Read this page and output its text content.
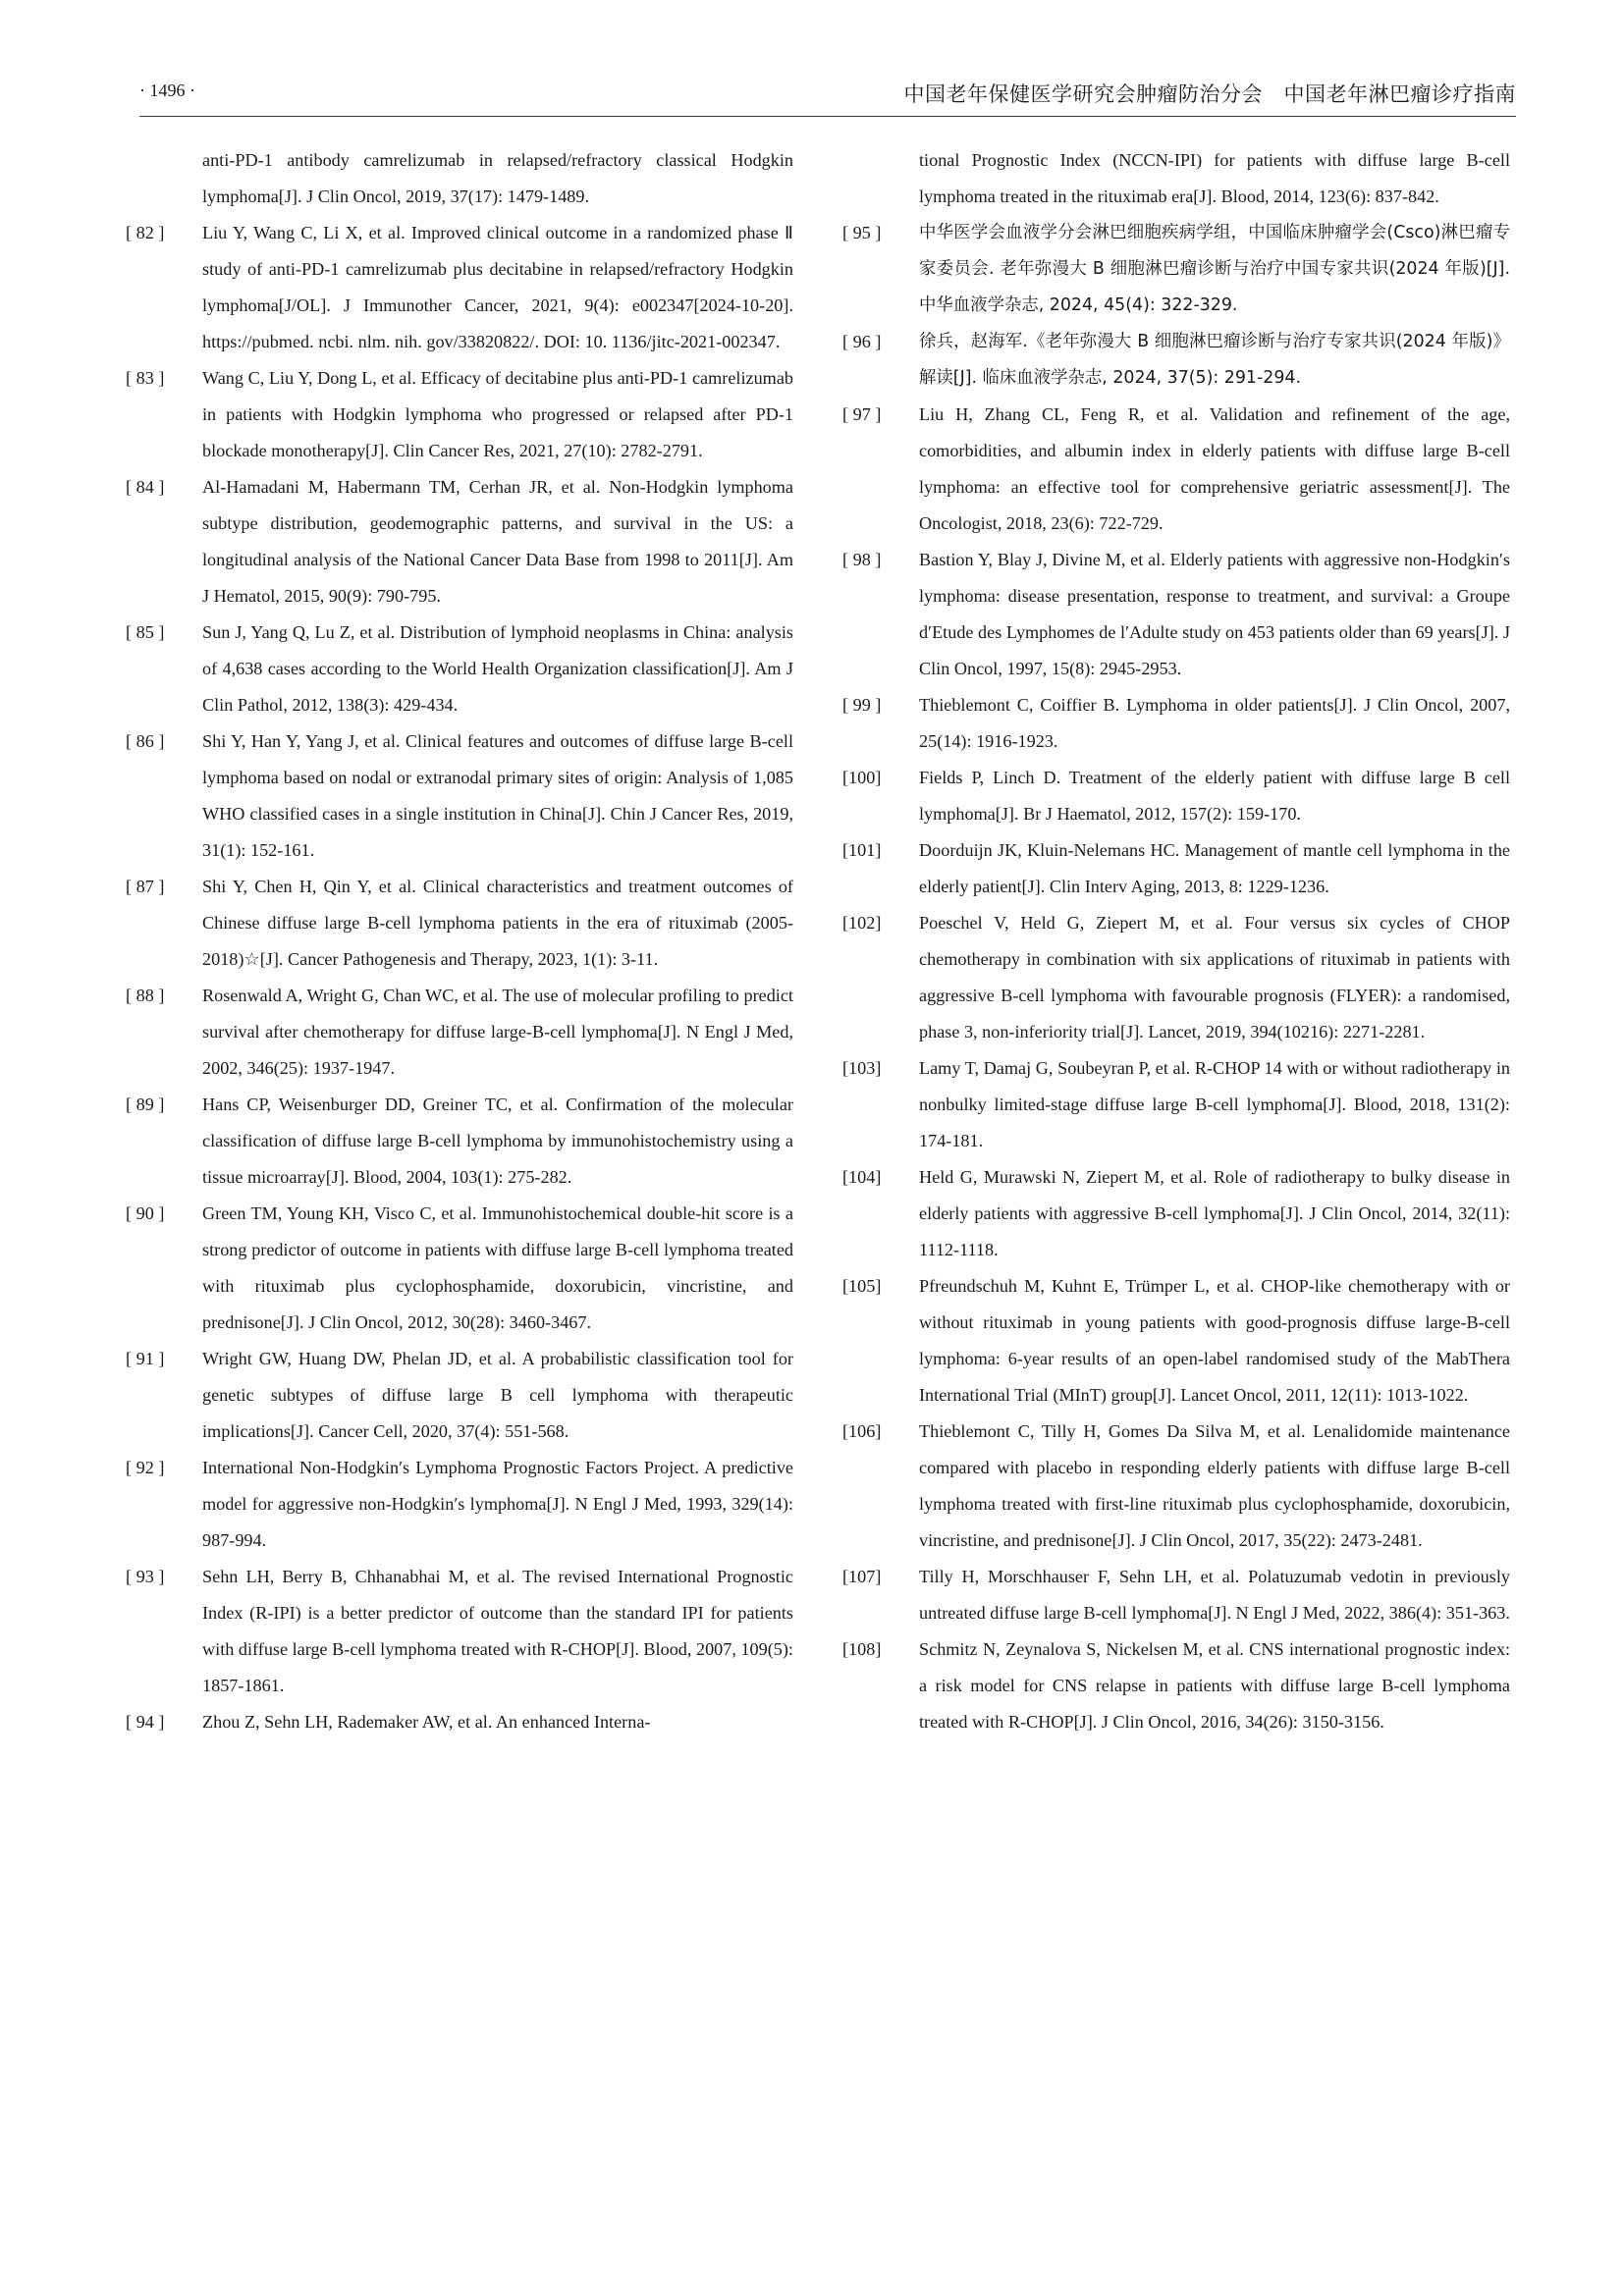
· 1496 ·	中国老年保健医学研究会肿瘤防治分会　中国老年淋巴瘤诊疗指南
anti-PD-1 antibody camrelizumab in relapsed/refractory classical Hodgkin lymphoma[J]. J Clin Oncol, 2019, 37(17): 1479-1489.
[ 82 ]	Liu Y, Wang C, Li X, et al. Improved clinical outcome in a randomized phase Ⅱ study of anti-PD-1 camrelizumab plus decitabine in relapsed/refractory Hodgkin lymphoma[J/OL]. J Immunother Cancer, 2021, 9(4): e002347[2024-10-20]. https://pubmed. ncbi. nlm. nih. gov/33820822/. DOI: 10. 1136/jitc-2021-002347.
[ 83 ]	Wang C, Liu Y, Dong L, et al. Efficacy of decitabine plus anti-PD-1 camrelizumab in patients with Hodgkin lymphoma who progressed or relapsed after PD-1 blockade monotherapy[J]. Clin Cancer Res, 2021, 27(10): 2782-2791.
[ 84 ]	Al-Hamadani M, Habermann TM, Cerhan JR, et al. Non-Hodgkin lymphoma subtype distribution, geodemographic patterns, and survival in the US: a longitudinal analysis of the National Cancer Data Base from 1998 to 2011[J]. Am J Hematol, 2015, 90(9): 790-795.
[ 85 ]	Sun J, Yang Q, Lu Z, et al. Distribution of lymphoid neoplasms in China: analysis of 4,638 cases according to the World Health Organization classification[J]. Am J Clin Pathol, 2012, 138(3): 429-434.
[ 86 ]	Shi Y, Han Y, Yang J, et al. Clinical features and outcomes of diffuse large B-cell lymphoma based on nodal or extranodal primary sites of origin: Analysis of 1,085 WHO classified cases in a single institution in China[J]. Chin J Cancer Res, 2019, 31(1): 152-161.
[ 87 ]	Shi Y, Chen H, Qin Y, et al. Clinical characteristics and treatment outcomes of Chinese diffuse large B-cell lymphoma patients in the era of rituximab (2005-2018)☆[J]. Cancer Pathogenesis and Therapy, 2023, 1(1): 3-11.
[ 88 ]	Rosenwald A, Wright G, Chan WC, et al. The use of molecular profiling to predict survival after chemotherapy for diffuse large-B-cell lymphoma[J]. N Engl J Med, 2002, 346(25): 1937-1947.
[ 89 ]	Hans CP, Weisenburger DD, Greiner TC, et al. Confirmation of the molecular classification of diffuse large B-cell lymphoma by immunohistochemistry using a tissue microarray[J]. Blood, 2004, 103(1): 275-282.
[ 90 ]	Green TM, Young KH, Visco C, et al. Immunohistochemical double-hit score is a strong predictor of outcome in patients with diffuse large B-cell lymphoma treated with rituximab plus cyclophosphamide, doxorubicin, vincristine, and prednisone[J]. J Clin Oncol, 2012, 30(28): 3460-3467.
[ 91 ]	Wright GW, Huang DW, Phelan JD, et al. A probabilistic classification tool for genetic subtypes of diffuse large B cell lymphoma with therapeutic implications[J]. Cancer Cell, 2020, 37(4): 551-568.
[ 92 ]	International Non-Hodgkin′s Lymphoma Prognostic Factors Project. A predictive model for aggressive non-Hodgkin′s lymphoma[J]. N Engl J Med, 1993, 329(14): 987-994.
[ 93 ]	Sehn LH, Berry B, Chhanabhai M, et al. The revised International Prognostic Index (R-IPI) is a better predictor of outcome than the standard IPI for patients with diffuse large B-cell lymphoma treated with R-CHOP[J]. Blood, 2007, 109(5): 1857-1861.
[ 94 ]	Zhou Z, Sehn LH, Rademaker AW, et al. An enhanced Interna-
tional Prognostic Index (NCCN-IPI) for patients with diffuse large B-cell lymphoma treated in the rituximab era[J]. Blood, 2014, 123(6): 837-842.
[ 95 ]	中华医学会血液学分会淋巴细胞疾病学组，中国临床肿瘤学会(Csco)淋巴瘤专家委员会. 老年弥漫大 B 细胞淋巴瘤诊断与治疗中国专家共识(2024 年版)[J]. 中华血液学杂志, 2024, 45(4): 322-329.
[ 96 ]	徐兵，赵海军.《老年弥漫大 B 细胞淋巴瘤诊断与治疗专家共识(2024 年版)》解读[J]. 临床血液学杂志, 2024, 37(5): 291-294.
[ 97 ]	Liu H, Zhang CL, Feng R, et al. Validation and refinement of the age, comorbidities, and albumin index in elderly patients with diffuse large B-cell lymphoma: an effective tool for comprehensive geriatric assessment[J]. The Oncologist, 2018, 23(6): 722-729.
[ 98 ]	Bastion Y, Blay J, Divine M, et al. Elderly patients with aggressive non-Hodgkin′s lymphoma: disease presentation, response to treatment, and survival: a Groupe d′Etude des Lymphomes de l′Adulte study on 453 patients older than 69 years[J]. J Clin Oncol, 1997, 15(8): 2945-2953.
[ 99 ]	Thieblemont C, Coiffier B. Lymphoma in older patients[J]. J Clin Oncol, 2007, 25(14): 1916-1923.
[100]	Fields P, Linch D. Treatment of the elderly patient with diffuse large B cell lymphoma[J]. Br J Haematol, 2012, 157(2): 159-170.
[101]	Doorduijn JK, Kluin-Nelemans HC. Management of mantle cell lymphoma in the elderly patient[J]. Clin Interv Aging, 2013, 8: 1229-1236.
[102]	Poeschel V, Held G, Ziepert M, et al. Four versus six cycles of CHOP chemotherapy in combination with six applications of rituximab in patients with aggressive B-cell lymphoma with favourable prognosis (FLYER): a randomised, phase 3, non-inferiority trial[J]. Lancet, 2019, 394(10216): 2271-2281.
[103]	Lamy T, Damaj G, Soubeyran P, et al. R-CHOP 14 with or without radiotherapy in nonbulky limited-stage diffuse large B-cell lymphoma[J]. Blood, 2018, 131(2): 174-181.
[104]	Held G, Murawski N, Ziepert M, et al. Role of radiotherapy to bulky disease in elderly patients with aggressive B-cell lymphoma[J]. J Clin Oncol, 2014, 32(11): 1112-1118.
[105]	Pfreundschuh M, Kuhnt E, Trümper L, et al. CHOP-like chemotherapy with or without rituximab in young patients with good-prognosis diffuse large-B-cell lymphoma: 6-year results of an open-label randomised study of the MabThera International Trial (MInT) group[J]. Lancet Oncol, 2011, 12(11): 1013-1022.
[106]	Thieblemont C, Tilly H, Gomes Da Silva M, et al. Lenalidomide maintenance compared with placebo in responding elderly patients with diffuse large B-cell lymphoma treated with first-line rituximab plus cyclophosphamide, doxorubicin, vincristine, and prednisone[J]. J Clin Oncol, 2017, 35(22): 2473-2481.
[107]	Tilly H, Morschhauser F, Sehn LH, et al. Polatuzumab vedotin in previously untreated diffuse large B-cell lymphoma[J]. N Engl J Med, 2022, 386(4): 351-363.
[108]	Schmitz N, Zeynalova S, Nickelsen M, et al. CNS international prognostic index: a risk model for CNS relapse in patients with diffuse large B-cell lymphoma treated with R-CHOP[J]. J Clin Oncol, 2016, 34(26): 3150-3156.
